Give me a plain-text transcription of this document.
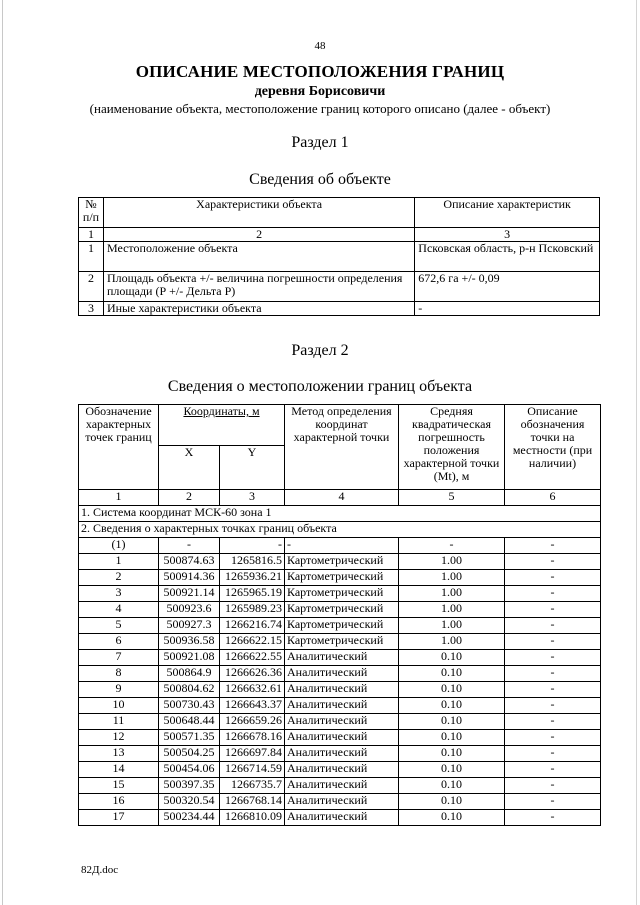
48
ОПИСАНИЕ МЕСТОПОЛОЖЕНИЯ ГРАНИЦ
деревня Борисовичи
(наименование объекта, местоположение границ которого описано (далее - объект)
Раздел 1
Сведения об объекте
№ п/п	Характеристики объекта	Описание характеристик
1	2	3
1	Местоположение объекта	Псковская область, р-н Псковский
2	Площадь объекта +/- величина погрешности определения площади (Р +/- Дельта Р)	672,6 га +/- 0,09
3	Иные характеристики объекта	-
Раздел 2
Сведения о местоположении границ объекта
Обозначение характерных точек границ	Координаты, м		Метод определения координат характерной точки	Средняя квадратическая погрешность положения характерной точки (Mt), м	Описание обозначения точки на местности (при наличии)
	X	Y			
1	2	3	4	5	6
1. Система координат МСК-60 зона 1					
2. Сведения о характерных точках границ объекта					
(1)	-	-	-	-	-
1	500874.63	1265816.5	Картометрический	1.00	-
2	500914.36	1265936.21	Картометрический	1.00	-
3	500921.14	1265965.19	Картометрический	1.00	-
4	500923.6	1265989.23	Картометрический	1.00	-
5	500927.3	1266216.74	Картометрический	1.00	-
6	500936.58	1266622.15	Картометрический	1.00	-
7	500921.08	1266622.55	Аналитический	0.10	-
8	500864.9	1266626.36	Аналитический	0.10	-
9	500804.62	1266632.61	Аналитический	0.10	-
10	500730.43	1266643.37	Аналитический	0.10	-
11	500648.44	1266659.26	Аналитический	0.10	-
12	500571.35	1266678.16	Аналитический	0.10	-
13	500504.25	1266697.84	Аналитический	0.10	-
14	500454.06	1266714.59	Аналитический	0.10	-
15	500397.35	1266735.7	Аналитический	0.10	-
16	500320.54	1266768.14	Аналитический	0.10	-
17	500234.44	1266810.09	Аналитический	0.10	-
82Д.doc
